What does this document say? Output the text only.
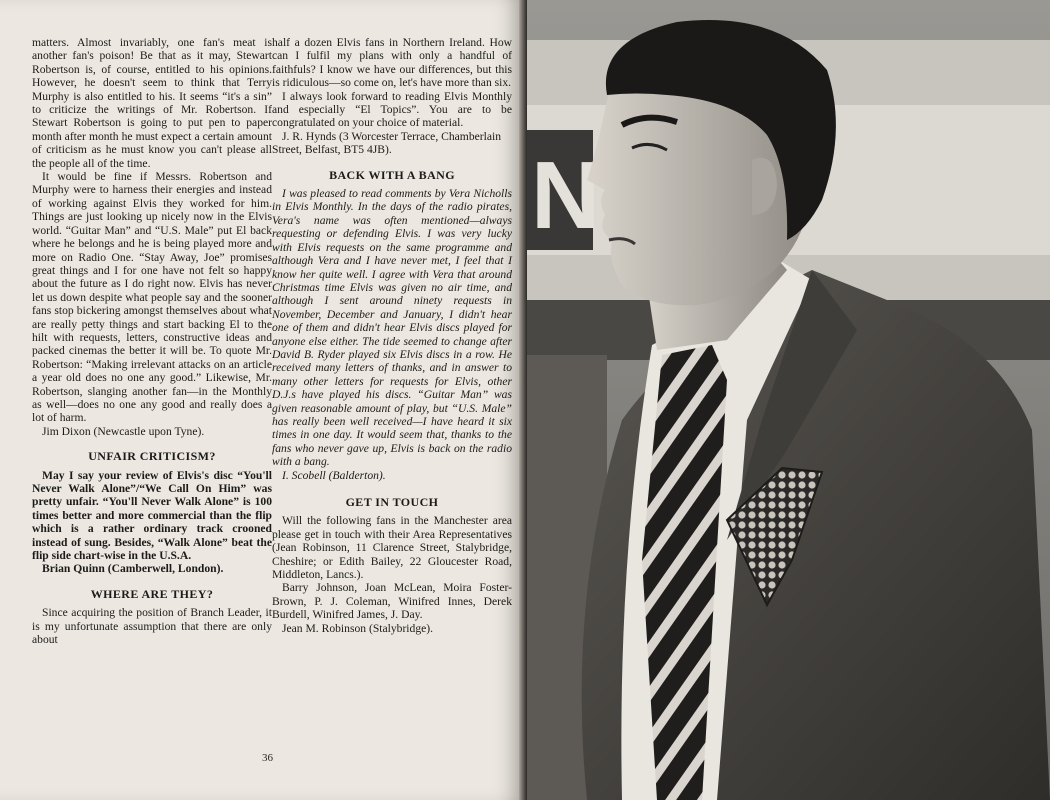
matters. Almost invariably, one fan's meat is another fan's poison! Be that as it may, Stewart Robertson is, of course, entitled to his opinions. However, he doesn't seem to think that Terry Murphy is also entitled to his. It seems “it's a sin” to criticize the writings of Mr. Robertson. If Stewart Robertson is going to put pen to paper month after month he must expect a certain amount of criticism as he must know you can't please all the people all of the time.

It would be fine if Messrs. Robertson and Murphy were to harness their energies and instead of working against Elvis they worked for him. Things are just looking up nicely now in the Elvis world. “Guitar Man” and “U.S. Male” put El back where he belongs and he is being played more and more on Radio One. “Stay Away, Joe” promises great things and I for one have not felt so happy about the future as I do right now. Elvis has never let us down despite what people say and the sooner fans stop bickering amongst themselves about what are really petty things and start backing El to the hilt with requests, letters, constructive ideas and packed cinemas the better it will be. To quote Mr. Robertson: “Making irrelevant attacks on an article a year old does no one any good.” Likewise, Mr. Robertson, slanging another fan—in the Monthly as well—does no one any good and really does a lot of harm.

Jim Dixon (Newcastle upon Tyne).

UNFAIR CRITICISM?

May I say your review of Elvis's disc “You'll Never Walk Alone”/“We Call On Him” was pretty unfair. “You'll Never Walk Alone” is 100 times better and more commercial than the flip which is a rather ordinary track crooned instead of sung. Besides, “Walk Alone” beat the flip side chart-wise in the U.S.A.

Brian Quinn (Camberwell, London).

WHERE ARE THEY?

Since acquiring the position of Branch Leader, it is my unfortunate assumption that there are only about

half a dozen Elvis fans in Northern Ireland. How can I fulfil my plans with only a handful of faithfuls? I know we have our differences, but this is ridiculous—so come on, let's have more than six.

I always look forward to reading Elvis Monthly and especially “El Topics”. You are to be congratulated on your choice of material.

J. R. Hynds (3 Worcester Terrace, Chamberlain Street, Belfast, BT5 4JB).

BACK WITH A BANG

I was pleased to read comments by Vera Nicholls in Elvis Monthly. In the days of the radio pirates, Vera's name was often mentioned—always requesting or defending Elvis. I was very lucky with Elvis requests on the same programme and although Vera and I have never met, I feel that I know her quite well. I agree with Vera that around Christmas time Elvis was given no air time, and although I sent around ninety requests in November, December and January, I didn't hear one of them and didn't hear Elvis discs played for anyone else either. The tide seemed to change after David B. Ryder played six Elvis discs in a row. He received many letters of thanks, and in answer to many other letters for requests for Elvis, other D.J.s have played his discs. “Guitar Man” was given reasonable amount of play, but “U.S. Male” has really been well received—I have heard it six times in one day. It would seem that, thanks to the fans who never gave up, Elvis is back on the radio with a bang.

I. Scobell (Balderton).

GET IN TOUCH

Will the following fans in the Manchester area please get in touch with their Area Representatives (Jean Robinson, 11 Clarence Street, Stalybridge, Cheshire; or Edith Bailey, 22 Gloucester Road, Middleton, Lancs.).

Barry Johnson, Joan McLean, Moira Foster-Brown, P. J. Coleman, Winifred Innes, Derek Burdell, Winifred James, J. Day.

Jean M. Robinson (Stalybridge).

36
N
